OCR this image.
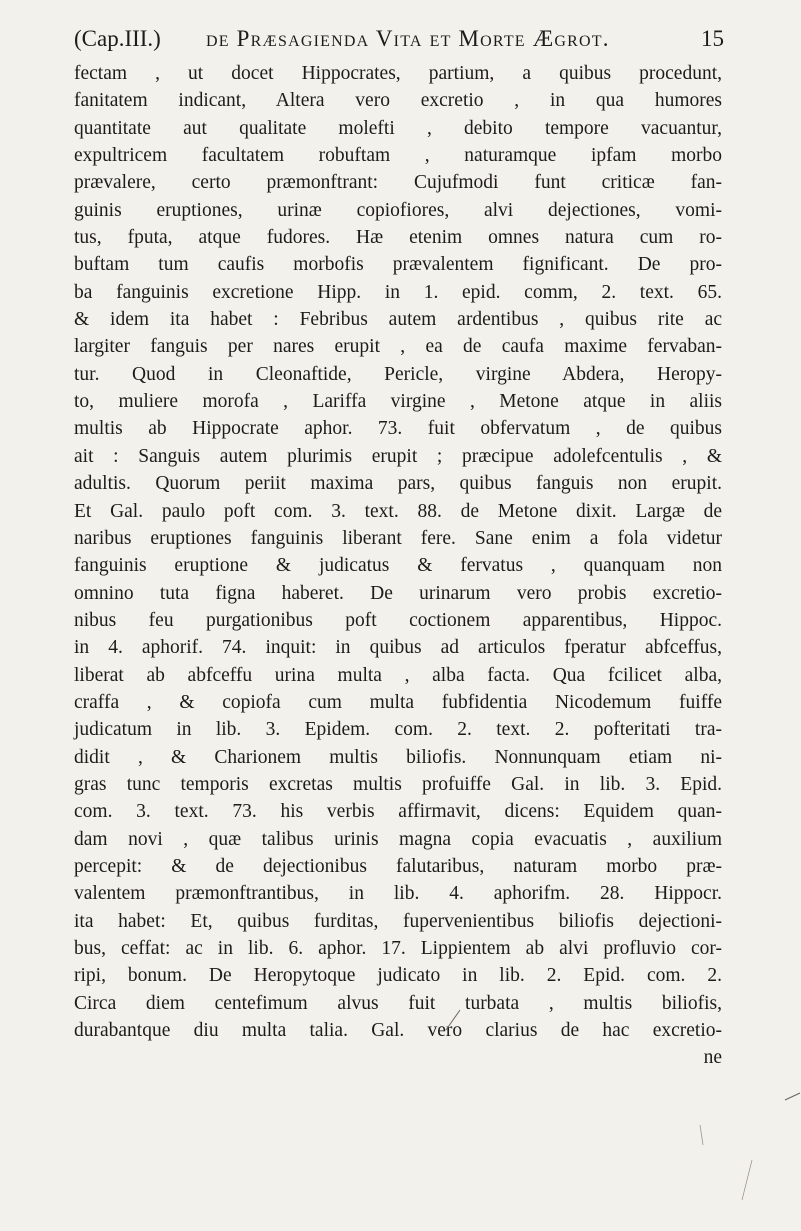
(Cap.III.) de Præsagienda Vita et Morte Ægrot.	15
fectam , ut docet Hippocrates, partium, a quibus procedunt,
fanitatem indicant, Altera vero excretio , in qua humores
quantitate aut qualitate molefti , debito tempore vacuantur,
expultricem facultatem robuftam , naturamque ipfam morbo
prævalere, certo præmonftrant: Cujufmodi funt criticæ fan-
guinis eruptiones, urinæ copiofiores, alvi dejectiones, vomi-
tus, fputa, atque fudores. Hæ etenim omnes natura cum ro-
buftam tum caufis morbofis prævalentem fignificant. De pro-
ba fanguinis excretione Hipp. in 1. epid. comm, 2. text. 65.
& idem ita habet : Febribus autem ardentibus , quibus rite ac
largiter fanguis per nares erupit , ea de caufa maxime fervaban-
tur. Quod in Cleonaftide, Pericle, virgine Abdera, Heropy-
to, muliere morofa , Lariffa virgine , Metone atque in aliis
multis ab Hippocrate aphor. 73. fuit obfervatum , de quibus
ait : Sanguis autem plurimis erupit ; præcipue adolefcentulis , &
adultis. Quorum periit maxima pars, quibus fanguis non erupit.
Et Gal. paulo poft com. 3. text. 88. de Metone dixit. Largæ de
naribus eruptiones fanguinis liberant fere. Sane enim a fola videtur
fanguinis eruptione & judicatus & fervatus , quanquam non
omnino tuta figna haberet. De urinarum vero probis excretio-
nibus feu purgationibus poft coctionem apparentibus, Hippoc.
in 4. aphorif. 74. inquit: in quibus ad articulos fperatur abfceffus,
liberat ab abfceffu urina multa , alba facta. Qua fcilicet alba,
craffa , & copiofa cum multa fubfidentia Nicodemum fuiffe
judicatum in lib. 3. Epidem. com. 2. text. 2. pofteritati tra-
didit , & Charionem multis biliofis. Nonnunquam etiam ni-
gras tunc temporis excretas multis profuiffe Gal. in lib. 3. Epid.
com. 3. text. 73. his verbis affirmavit, dicens: Equidem quan-
dam novi , quæ talibus urinis magna copia evacuatis , auxilium
percepit: & de dejectionibus falutaribus, naturam morbo præ-
valentem præmonftrantibus, in lib. 4. aphorifm. 28. Hippocr.
ita habet: Et, quibus furditas, fupervenientibus biliofis dejectioni-
bus, ceffat: ac in lib. 6. aphor. 17. Lippientem ab alvi profluvio cor-
ripi, bonum. De Heropytoque judicato in lib. 2. Epid. com. 2.
Circa diem centefimum alvus fuit turbata , multis biliofis,
durabantque diu multa talia. Gal. vero clarius de hac excretio-
ne
